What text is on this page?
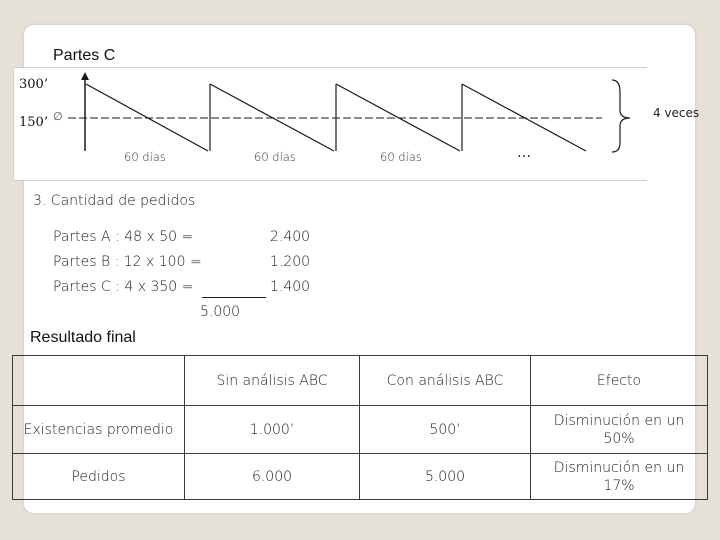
Partes C
300’
150’ ∅
60 días	60 días	60 días	…
4 veces
3. Cantidad de pedidos
Partes A : 48 x 50 =	2.400
Partes B : 12 x 100 =	1.200
Partes C : 4 x 350 =	1.400
5.000
Resultado final
	Sin análisis ABC	Con análisis ABC	Efecto
Existencias promedio	1.000’	500’	Disminución en un 50%
Pedidos	6.000	5.000	Disminución en un 17%
